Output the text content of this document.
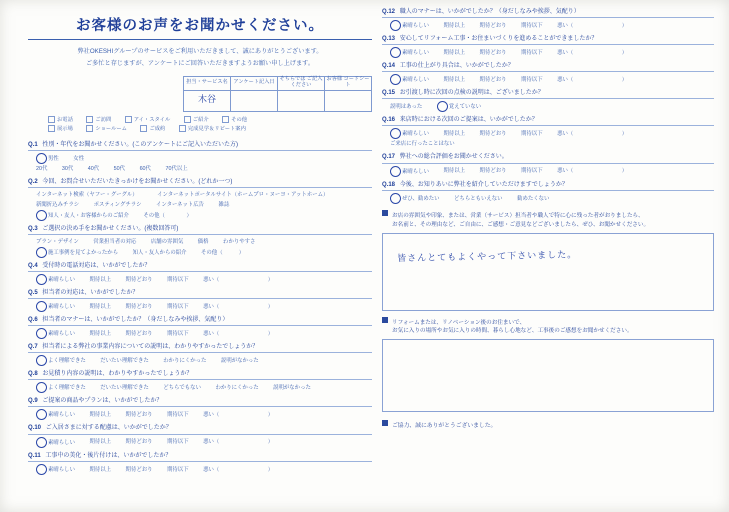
お客様のお声をお聞かせください。
弊社OKESHIグループのサービスをご利用いただきまして、誠にありがとうございます。
ご多忙と存じますが、アンケートにご回答いただきますようお願い申し上げます。
担当・サービス名	アンケート記入日	そちらでは ご記入ください	お客様 コードシート
木谷			
お電話	ご訪問	アイ・スタイル	ご紹介	その他
展示場	ショールーム	ご成約	完成見学＆リピート案内
Q.1 性別・年代をお聞かせください。(このアンケートにご記入いただいた方)
男性	女性
20代	30代	40代	50代	60代	70代以上
Q.2 今回、お問合せいただいたきっかけをお聞かせください。(どれか一つ)
インターネット検索（ヤフー・グーグル）	インターネットポータルサイト（ホームプロ・ヌーヨ・アットホーム）
新聞折込みチラシ	ポスティングチラシ	インターネット広告	雑誌
知人・友人・お客様からのご紹介	その他（　　　　）
Q.3 ご選択の決め手をお聞かせください。(複数回答可)
プラン・デザイン	営業担当者の対応	店舗の雰囲気	価格	わかりやすさ
施工事例を見てよかったから	知人・友人からの紹介	その他（　　　）
Q.4 受付時の電話対応は、いかがでしたか？
素晴らしい	期待以上	期待どおり	期待以下	悪い（　　　　　　　　　）
Q.5 担当者の対応は、いかがでしたか？
素晴らしい	期待以上	期待どおり	期待以下	悪い（　　　　　　　　　）
Q.6 担当者のマナーは、いかがでしたか？（身だしなみや挨拶、気配り）
素晴らしい	期待以上	期待どおり	期待以下	悪い（　　　　　　　　　）
Q.7 担当者による弊社の事業内容についての説明は、わかりやすかったでしょうか？
よく理解できた	だいたい理解できた	わかりにくかった	説明がなかった
Q.8 お見積り内容の説明は、わかりやすかったでしょうか？
よく理解できた	だいたい理解できた	どちらでもない	わかりにくかった	説明がなかった
Q.9 ご提案の商品やプランは、いかがでしたか？
素晴らしい	期待以上	期待どおり	期待以下	悪い（　　　　　　　　　）
Q.10 ご入居さまに対する配慮は、いかがでしたか？
素晴らしい	期待以上	期待どおり	期待以下	悪い（　　　　　　　　　）
Q.11 工事中の美化・後片付けは、いかがでしたか？
素晴らしい	期待以上	期待どおり	期待以下	悪い（　　　　　　　　　）
Q.12 職人のマナーは、いかがでしたか？（身だしなみや挨拶、気配り）
素晴らしい	期待以上	期待どおり	期待以下	悪い（　　　　　　　　　）
Q.13 安心してリフォーム工事・お住まいづくりを進めることができましたか？
素晴らしい	期待以上	期待どおり	期待以下	悪い（　　　　　　　　　）
Q.14 工事の仕上がり具合は、いかがでしたか？
素晴らしい	期待以上	期待どおり	期待以下	悪い（　　　　　　　　　）
Q.15 お引渡し時に次回の点検の説明は、ございましたか？
説明はあった	覚えていない
Q.16 来店時における次回のご提案は、いかがでしたか？
素晴らしい	期待以上	期待どおり	期待以下	悪い（　　　　　　　　　）
ご来店に行ったことはない
Q.17 弊社への総合評価をお聞かせください。
素晴らしい	期待以上	期待どおり	期待以下	悪い（　　　　　　　　　）
Q.18 今後、お知りあいに弊社を紹介していただけますでしょうか？
ぜひ、勧めたい	どちらともいえない	勧めたくない
お店の雰囲気や印象、または、営業（サービス）担当者や職人で特に心に残った者がおりましたら、
お名前と、その理由など、ご自由に、ご感想・ご意見などございましたら、ぜひ、お聞かせください。
皆さんとてもよくやって下さいました。
リフォームまたは、リノベーション後のお住まいで、
お気に入りの場所やお気に入りの時間、暮らし心地など、工事後のご感想をお聞かせください。
ご協力、誠にありがとうございました。
